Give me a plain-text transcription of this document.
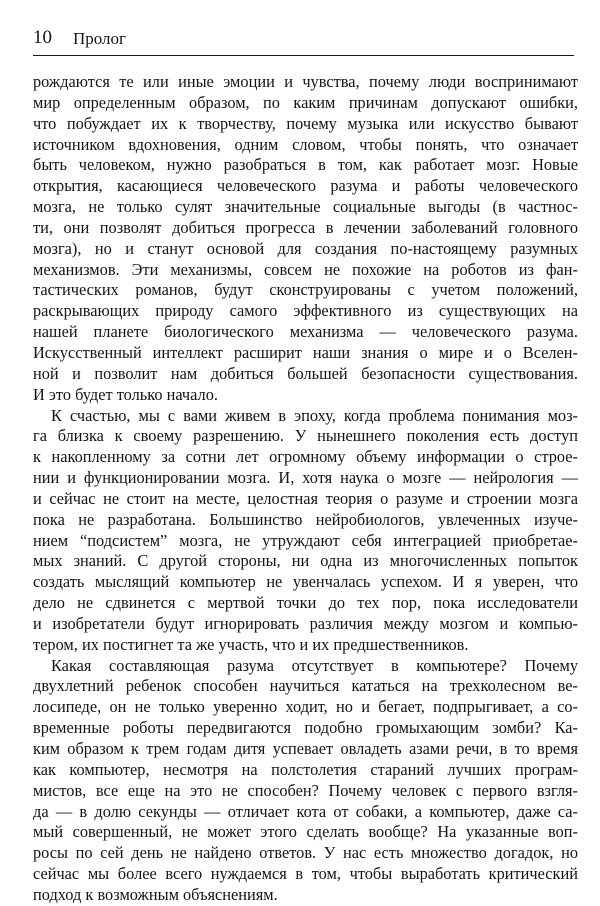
10 Пролог
рождаются те или иные эмоции и чувства, почему люди воспринимают
мир определенным образом, по каким причинам допускают ошибки,
что побуждает их к творчеству, почему музыка или искусство бывают
источником вдохновения, одним словом, чтобы понять, что означает
быть человеком, нужно разобраться в том, как работает мозг. Новые
открытия, касающиеся человеческого разума и работы человеческого
мозга, не только сулят значительные социальные выгоды (в частнос-
ти, они позволят добиться прогресса в лечении заболеваний головного
мозга), но и станут основой для создания по-настоящему разумных
механизмов. Эти механизмы, совсем не похожие на роботов из фан-
тастических романов, будут сконструированы с учетом положений,
раскрывающих природу самого эффективного из существующих на
нашей планете биологического механизма — человеческого разума.
Искусственный интеллект расширит наши знания о мире и о Вселен-
ной и позволит нам добиться большей безопасности существования.
И это будет только начало.
К счастью, мы с вами живем в эпоху, когда проблема понимания моз-
га близка к своему разрешению. У нынешнего поколения есть доступ
к накопленному за сотни лет огромному объему информации о строе-
нии и функционировании мозга. И, хотя наука о мозге — нейрология —
и сейчас не стоит на месте, целостная теория о разуме и строении мозга
пока не разработана. Большинство нейробиологов, увлеченных изуче-
нием “подсистем” мозга, не утруждают себя интеграцией приобретае-
мых знаний. С другой стороны, ни одна из многочисленных попыток
создать мыслящий компьютер не увенчалась успехом. И я уверен, что
дело не сдвинется с мертвой точки до тех пор, пока исследователи
и изобретатели будут игнорировать различия между мозгом и компью-
тером, их постигнет та же участь, что и их предшественников.
Какая составляющая разума отсутствует в компьютере? Почему
двухлетний ребенок способен научиться кататься на трехколесном ве-
лосипеде, он не только уверенно ходит, но и бегает, подпрыгивает, а со-
временные роботы передвигаются подобно громыхающим зомби? Ка-
ким образом к трем годам дитя успевает овладеть азами речи, в то время
как компьютер, несмотря на полстолетия стараний лучших програм-
мистов, все еще на это не способен? Почему человек с первого взгля-
да — в долю секунды — отличает кота от собаки, а компьютер, даже са-
мый совершенный, не может этого сделать вообще? На указанные воп-
росы по сей день не найдено ответов. У нас есть множество догадок, но
сейчас мы более всего нуждаемся в том, чтобы выработать критический
подход к возможным объяснениям.
